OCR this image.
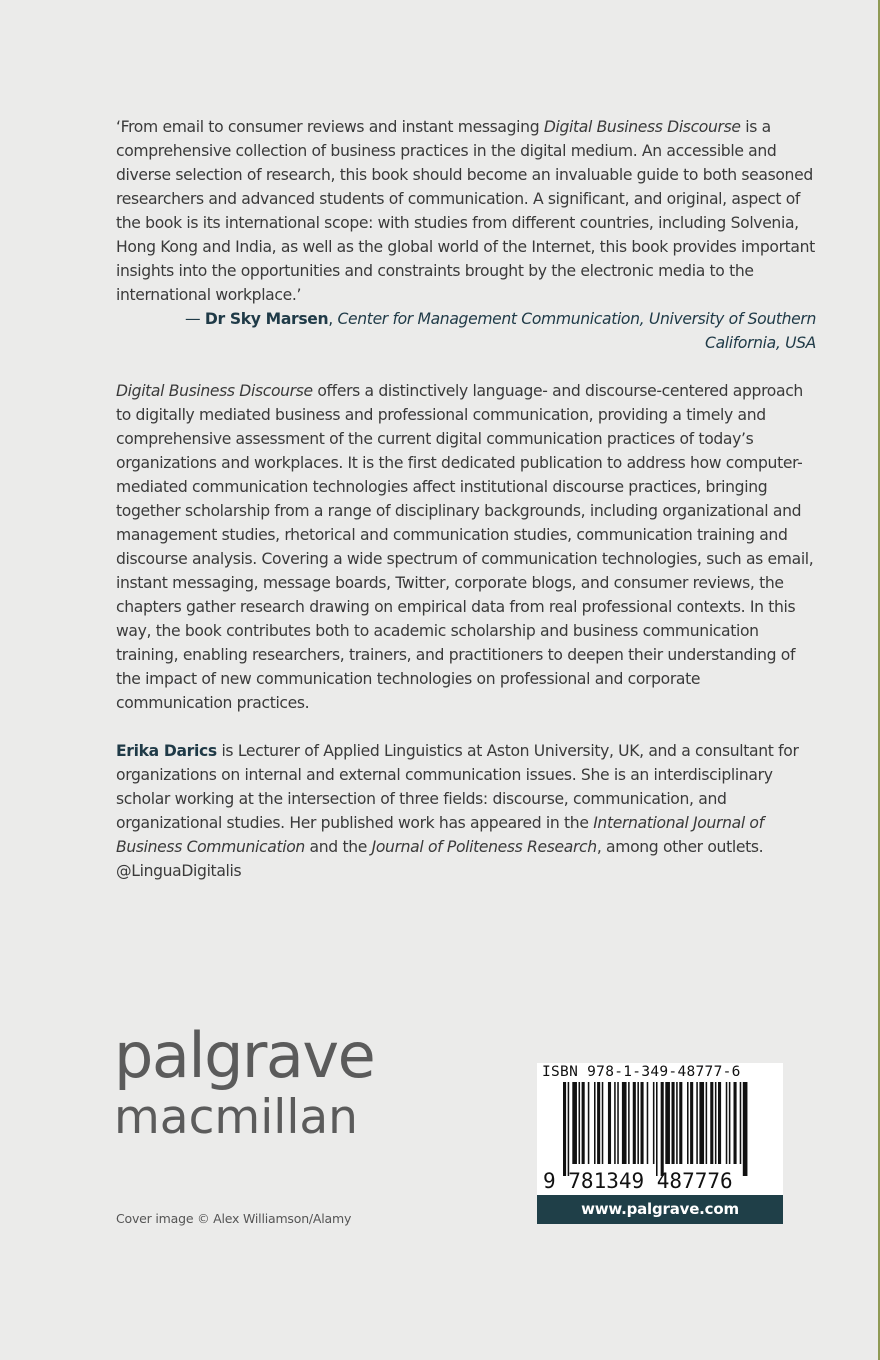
‘From email to consumer reviews and instant messaging Digital Business Discourse is a comprehensive collection of business practices in the digital medium. An accessible and diverse selection of research, this book should become an invaluable guide to both seasoned researchers and advanced students of communication. A significant, and original, aspect of the book is its international scope: with studies from different countries, including Solvenia, Hong Kong and India, as well as the global world of the Internet, this book provides important insights into the opportunities and constraints brought by the electronic media to the international workplace.’
— Dr Sky Marsen, Center for Management Communication, University of Southern California, USA

Digital Business Discourse offers a distinctively language- and discourse-centered approach to digitally mediated business and professional communication, providing a timely and comprehensive assessment of the current digital communication practices of today’s organizations and workplaces. It is the first dedicated publication to address how computer-mediated communication technologies affect institutional discourse practices, bringing together scholarship from a range of disciplinary backgrounds, including organizational and management studies, rhetorical and communication studies, communication training and discourse analysis. Covering a wide spectrum of communication technologies, such as email, instant messaging, message boards, Twitter, corporate blogs, and consumer reviews, the chapters gather research drawing on empirical data from real professional contexts. In this way, the book contributes both to academic scholarship and business communication training, enabling researchers, trainers, and practitioners to deepen their understanding of the impact of new communication technologies on professional and corporate communication practices.

Erika Darics is Lecturer of Applied Linguistics at Aston University, UK, and a consultant for organizations on internal and external communication issues. She is an interdisciplinary scholar working at the intersection of three fields: discourse, communication, and organizational studies. Her published work has appeared in the International Journal of Business Communication and the Journal of Politeness Research, among other outlets. @LinguaDigitalis

palgrave
macmillan
Cover image © Alex Williamson/Alamy
ISBN 978-1-349-48777-6
9 781349 487776
www.palgrave.com
